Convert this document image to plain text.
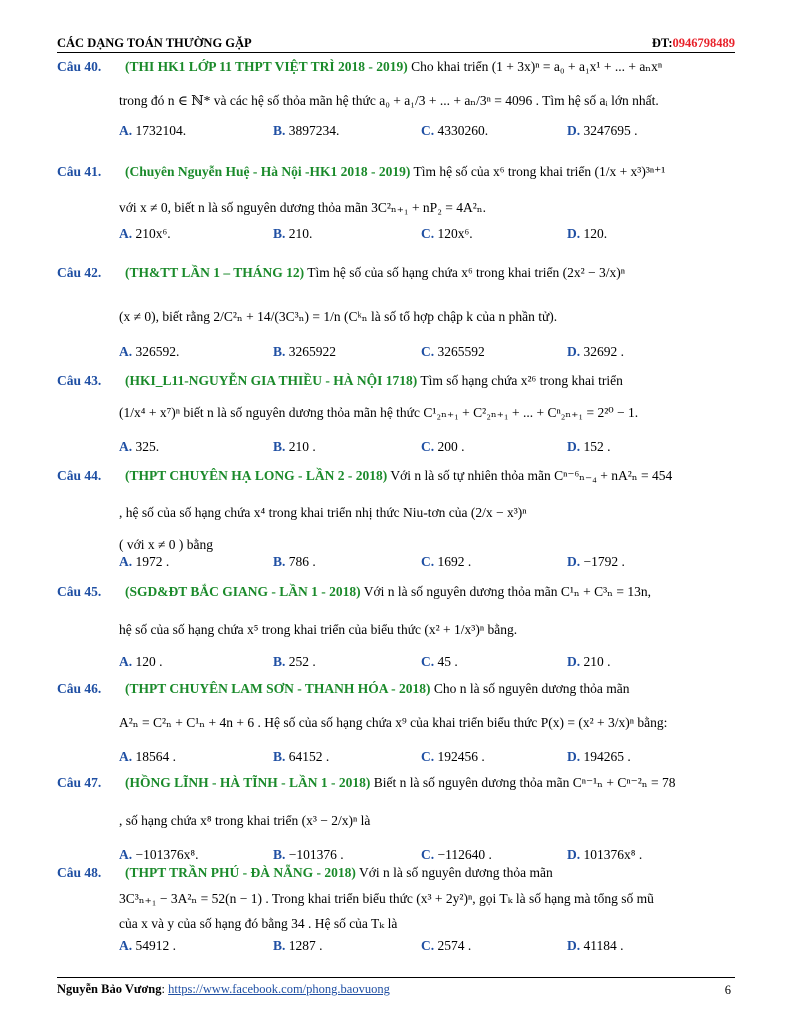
CÁC DẠNG TOÁN THƯỜNG GẶP	ĐT:0946798489
Câu 40. (THI HK1 LỚP 11 THPT VIỆT TRÌ 2018 - 2019) Cho khai triển (1 + 3x)ⁿ = a₀ + a₁x¹ + ... + aₙxⁿ
trong đó n ∈ ℕ* và các hệ số thỏa mãn hệ thức a₀ + a₁/3 + ... + aₙ/3ⁿ = 4096 . Tìm hệ số aᵢ lớn nhất.
A. 1732104.	B. 3897234.	C. 4330260.	D. 3247695 .
Câu 41. (Chuyên Nguyễn Huệ - Hà Nội -HK1 2018 - 2019) Tìm hệ số của x⁶ trong khai triển (1/x + x³)³ⁿ⁺¹
với x ≠ 0, biết n là số nguyên dương thỏa mãn 3C²ₙ₊₁ + nP₂ = 4A²ₙ.
A. 210x⁶.	B. 210.	C. 120x⁶.	D. 120.
Câu 42. (TH&TT LẦN 1 – THÁNG 12) Tìm hệ số của số hạng chứa x⁶ trong khai triển (2x² − 3/x)ⁿ
(x ≠ 0), biết rằng 2/C²ₙ + 14/(3C³ₙ) = 1/n (Cᵏₙ là số tổ hợp chập k của n phần tử).
A. 326592.	B. 3265922	C. 3265592	D. 32692 .
Câu 43. (HKI_L11-NGUYỄN GIA THIỀU - HÀ NỘI 1718) Tìm số hạng chứa x²⁶ trong khai triển
(1/x⁴ + x⁷)ⁿ biết n là số nguyên dương thỏa mãn hệ thức C¹₂ₙ₊₁ + C²₂ₙ₊₁ + ... + Cⁿ₂ₙ₊₁ = 2²⁰ − 1.
A. 325.	B. 210 .	C. 200 .	D. 152 .
Câu 44. (THPT CHUYÊN HẠ LONG - LẦN 2 - 2018) Với n là số tự nhiên thỏa mãn Cⁿ⁻⁶ₙ₋₄ + nA²ₙ = 454
, hệ số của số hạng chứa x⁴ trong khai triển nhị thức Niu-tơn của (2/x − x³)ⁿ
( với x ≠ 0 ) bằng
A. 1972 .	B. 786 .	C. 1692 .	D. −1792 .
Câu 45. (SGD&ĐT BẮC GIANG - LẦN 1 - 2018) Với n là số nguyên dương thỏa mãn C¹ₙ + C³ₙ = 13n,
hệ số của số hạng chứa x⁵ trong khai triển của biểu thức (x² + 1/x³)ⁿ bằng.
A. 120 .	B. 252 .	C. 45 .	D. 210 .
Câu 46. (THPT CHUYÊN LAM SƠN - THANH HÓA - 2018) Cho n là số nguyên dương thỏa mãn
A²ₙ = C²ₙ + C¹ₙ + 4n + 6 . Hệ số của số hạng chứa x⁹ của khai triển biểu thức P(x) = (x² + 3/x)ⁿ bằng:
A. 18564 .	B. 64152 .	C. 192456 .	D. 194265 .
Câu 47. (HỒNG LĨNH - HÀ TĨNH - LẦN 1 - 2018) Biết n là số nguyên dương thỏa mãn Cⁿ⁻¹ₙ + Cⁿ⁻²ₙ = 78
, số hạng chứa x⁸ trong khai triển (x³ − 2/x)ⁿ là
A. −101376x⁸.	B. −101376 .	C. −112640 .	D. 101376x⁸ .
Câu 48. (THPT TRẦN PHÚ - ĐÀ NẴNG - 2018) Với n là số nguyên dương thỏa mãn
3C³ₙ₊₁ − 3A²ₙ = 52(n − 1) . Trong khai triển biểu thức (x³ + 2y²)ⁿ, gọi Tₖ là số hạng mà tổng số mũ
của x và y của số hạng đó bằng 34 . Hệ số của Tₖ là
A. 54912 .	B. 1287 .	C. 2574 .	D. 41184 .
Nguyễn Bảo Vương: https://www.facebook.com/phong.baovuong	6
